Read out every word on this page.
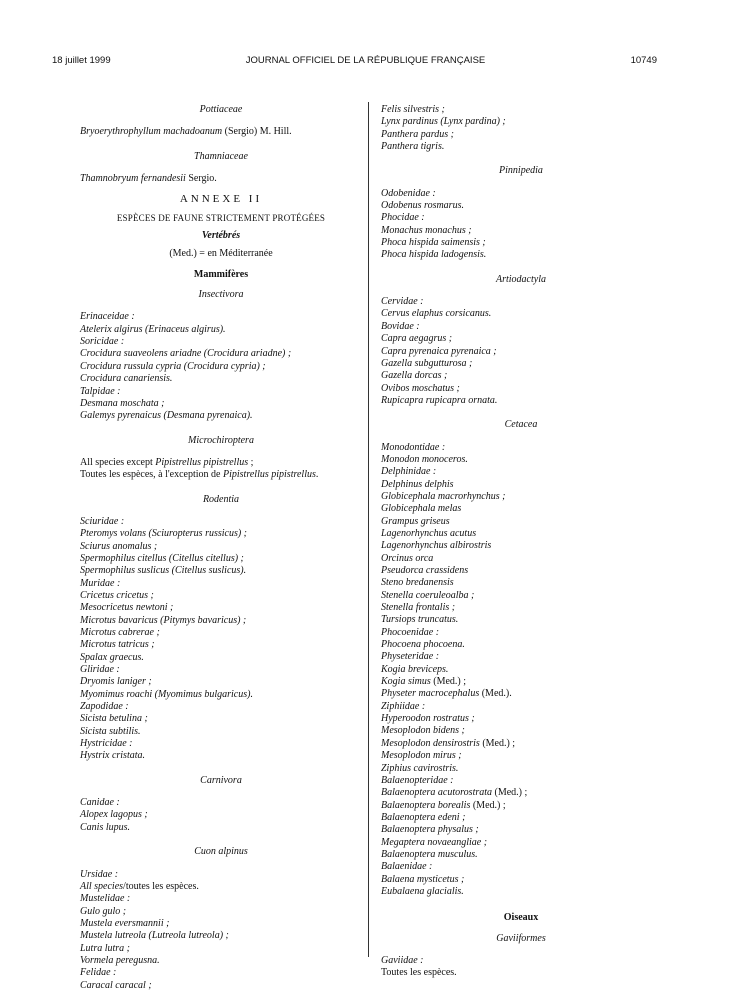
18 juillet 1999	JOURNAL OFFICIEL DE LA RÉPUBLIQUE FRANÇAISE	10749
Pottiaceae
Bryoerythrophyllum machadoanum (Sergio) M. Hill.
Thamniaceae
Thamnobryum fernandesii Sergio.
ANNEXE II
ESPÈCES DE FAUNE STRICTEMENT PROTÉGÉES
Vertébrés
(Med.) = en Méditerranée
Mammifères
Insectivora
Erinaceidae :
Atelerix algirus (Erinaceus algirus).
Soricidae :
Crocidura suaveolens ariadne (Crocidura ariadne) ;
Crocidura russula cypria (Crocidura cypria) ;
Crocidura canariensis.
Talpidae :
Desmana moschata ;
Galemys pyrenaicus (Desmana pyrenaica).
Microchiroptera
All species except Pipistrellus pipistrellus ;
Toutes les espèces, à l'exception de Pipistrellus pipistrellus.
Rodentia
Sciuridae :
Pteromys volans (Sciuropterus russicus) ;
Sciurus anomalus ;
Spermophilus citellus (Citellus citellus) ;
Spermophilus suslicus (Citellus suslicus).
Muridae :
Cricetus cricetus ;
Mesocricetus newtoni ;
Microtus bavaricus (Pitymys bavaricus) ;
Microtus cabrerae ;
Microtus tatricus ;
Spalax graecus.
Gliridae :
Dryomis laniger ;
Myomimus roachi (Myomimus bulgaricus).
Zapodidae :
Sicista betulina ;
Sicista subtilis.
Hystricidae :
Hystrix cristata.
Carnivora
Canidae :
Alopex lagopus ;
Canis lupus.
Cuon alpinus
Ursidae :
All species/toutes les espèces.
Mustelidae :
Gulo gulo ;
Mustela eversmannii ;
Mustela lutreola (Lutreola lutreola) ;
Lutra lutra ;
Vormela peregusna.
Felidae :
Caracal caracal ;
Felis silvestris ;
Lynx pardinus (Lynx pardina) ;
Panthera pardus ;
Panthera tigris.
Pinnipedia
Odobenidae :
Odobenus rosmarus.
Phocidae :
Monachus monachus ;
Phoca hispida saimensis ;
Phoca hispida ladogensis.
Artiodactyla
Cervidae :
Cervus elaphus corsicanus.
Bovidae :
Capra aegagrus ;
Capra pyrenaica pyrenaica ;
Gazella subgutturosa ;
Gazella dorcas ;
Ovibos moschatus ;
Rupicapra rupicapra ornata.
Cetacea
Monodontidae :
Monodon monoceros.
Delphinidae :
Delphinus delphis
Globicephala macrorhynchus ;
Globicephala melas
Grampus griseus
Lagenorhynchus acutus
Lagenorhynchus albirostris
Orcinus orca
Pseudorca crassidens
Steno bredanensis
Stenella coeruleoalba ;
Stenella frontalis ;
Tursiops truncatus.
Phocoenidae :
Phocoena phocoena.
Physeteridae :
Kogia breviceps.
Kogia simus (Med.) ;
Physeter macrocephalus (Med.).
Ziphiidae :
Hyperoodon rostratus ;
Mesoplodon bidens ;
Mesoplodon densirostris (Med.) ;
Mesoplodon mirus ;
Ziphius cavirostris.
Balaenopteridae :
Balaenoptera acutorostrata (Med.) ;
Balaenoptera borealis (Med.) ;
Balaenoptera edeni ;
Balaenoptera physalus ;
Megaptera novaeangliae ;
Balaenoptera musculus.
Balaenidae :
Balaena mysticetus ;
Eubalaena glacialis.
Oiseaux
Gaviiformes
Gaviidae :
Toutes les espèces.
